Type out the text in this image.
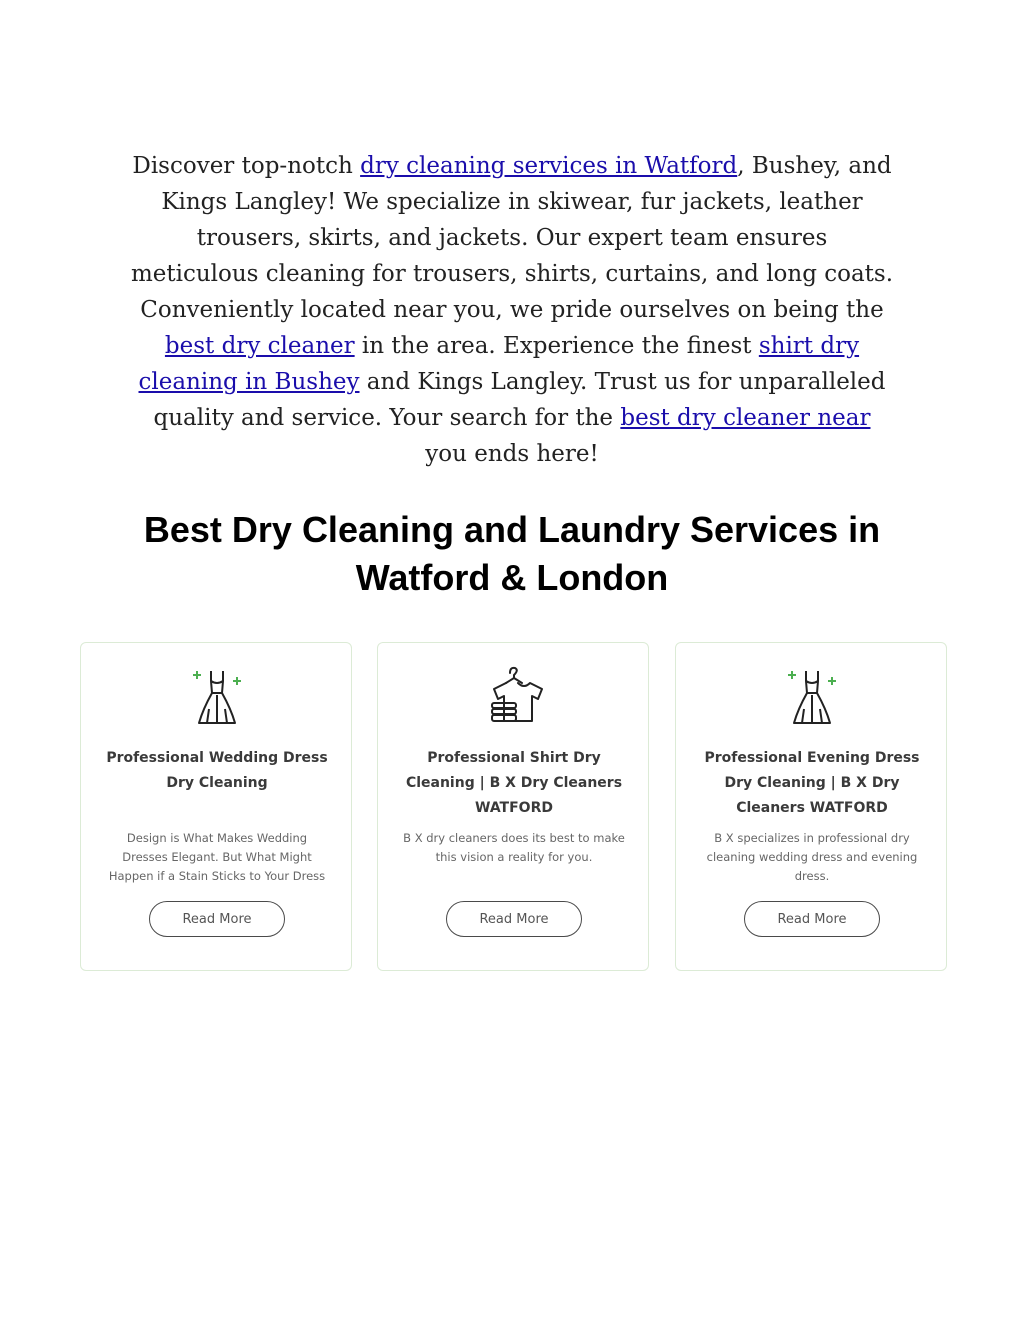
Discover top-notch dry cleaning services in Watford, Bushey, and Kings Langley! We specialize in skiwear, fur jackets, leather trousers, skirts, and jackets. Our expert team ensures meticulous cleaning for trousers, shirts, curtains, and long coats. Conveniently located near you, we pride ourselves on being the best dry cleaner in the area. Experience the finest shirt dry cleaning in Bushey and Kings Langley. Trust us for unparalleled quality and service. Your search for the best dry cleaner near you ends here!

Best Dry Cleaning and Laundry Services in Watford & London
Professional Wedding Dress Dry Cleaning
Design is What Makes Wedding Dresses Elegant. But What Might Happen if a Stain Sticks to Your Dress
Read More
Professional Shirt Dry Cleaning | B X Dry Cleaners WATFORD
B X dry cleaners does its best to make this vision a reality for you.
Read More
Professional Evening Dress Dry Cleaning | B X Dry Cleaners WATFORD
B X specializes in professional dry cleaning wedding dress and evening dress.
Read More
